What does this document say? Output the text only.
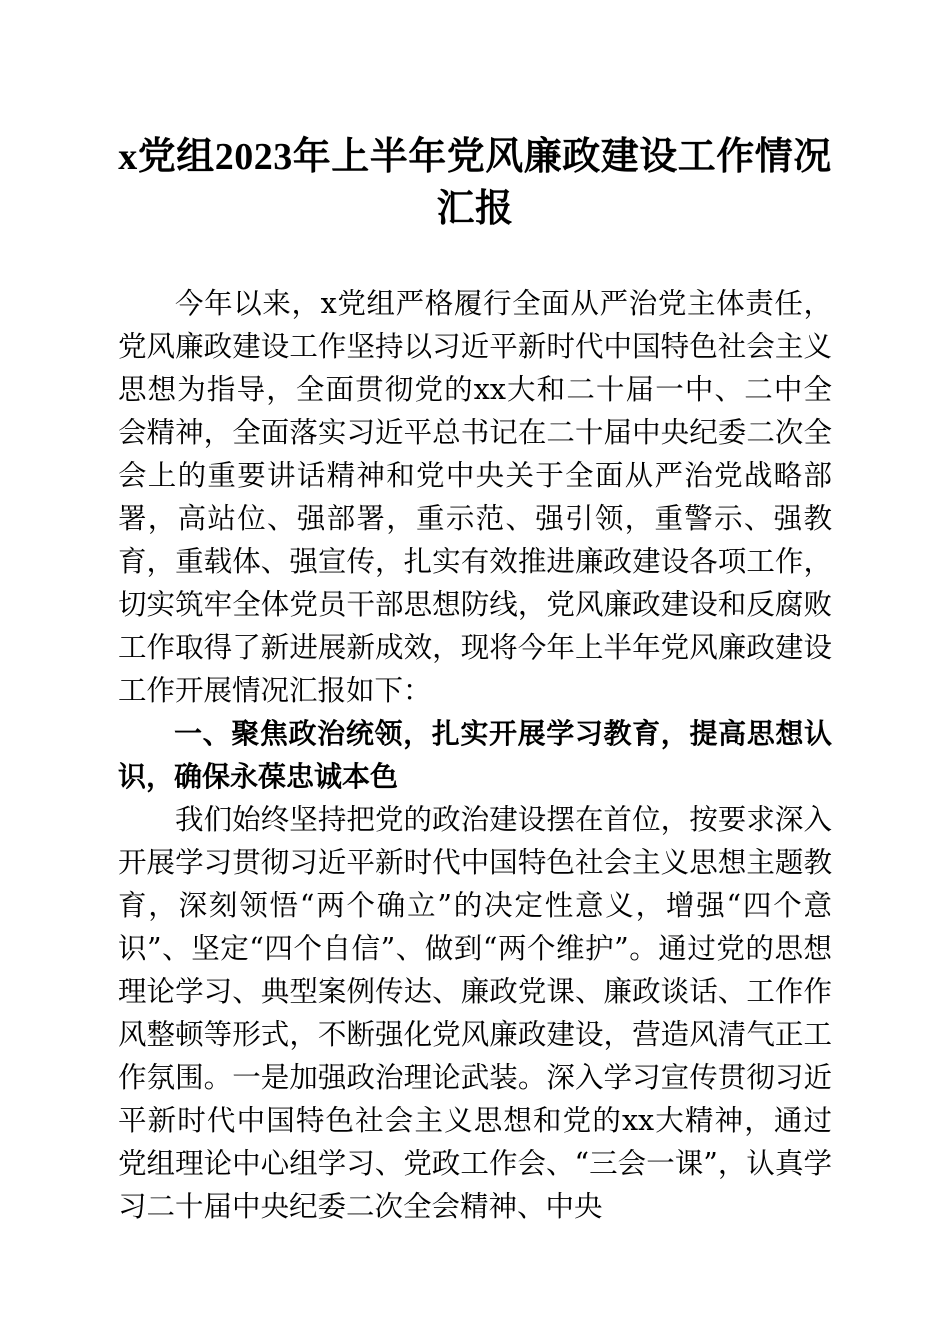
x党组2023年上半年党风廉政建设工作情况汇报

今年以来，x党组严格履行全面从严治党主体责任，党风廉政建设工作坚持以习近平新时代中国特色社会主义思想为指导，全面贯彻党的xx大和二十届一中、二中全会精神，全面落实习近平总书记在二十届中央纪委二次全会上的重要讲话精神和党中央关于全面从严治党战略部署，高站位、强部署，重示范、强引领，重警示、强教育，重载体、强宣传，扎实有效推进廉政建设各项工作，切实筑牢全体党员干部思想防线，党风廉政建设和反腐败工作取得了新进展新成效，现将今年上半年党风廉政建设工作开展情况汇报如下：

一、聚焦政治统领，扎实开展学习教育，提高思想认识，确保永葆忠诚本色

我们始终坚持把党的政治建设摆在首位，按要求深入开展学习贯彻习近平新时代中国特色社会主义思想主题教育，深刻领悟“两个确立”的决定性意义，增强“四个意识”、坚定“四个自信”、做到“两个维护”。通过党的思想理论学习、典型案例传达、廉政党课、廉政谈话、工作作风整顿等形式，不断强化党风廉政建设，营造风清气正工作氛围。一是加强政治理论武装。深入学习宣传贯彻习近平新时代中国特色社会主义思想和党的xx大精神，通过党组理论中心组学习、党政工作会、“三会一课”，认真学习二十届中央纪委二次全会精神、中央
